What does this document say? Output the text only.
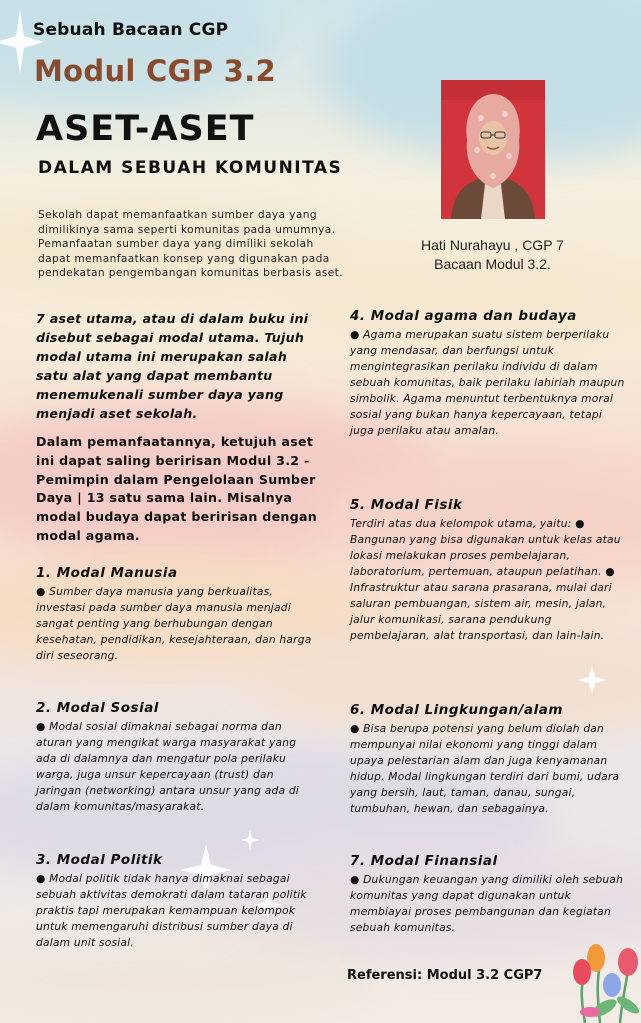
Sebuah Bacaan CGP
Modul CGP 3.2
ASET-ASET
DALAM SEBUAH KOMUNITAS
Sekolah dapat memanfaatkan sumber daya yang dimilikinya sama seperti komunitas pada umumnya. Pemanfaatan sumber daya yang dimiliki sekolah dapat memanfaatkan konsep yang digunakan pada pendekatan pengembangan komunitas berbasis aset.
Hati Nurahayu , CGP 7
Bacaan Modul 3.2.
7 aset utama, atau di dalam buku ini disebut sebagai modal utama. Tujuh modal utama ini merupakan salah satu alat yang dapat membantu menemukenali sumber daya yang menjadi aset sekolah.
Dalam pemanfaatannya, ketujuh aset ini dapat saling beririsan Modul 3.2 - Pemimpin dalam Pengelolaan Sumber Daya | 13 satu sama lain. Misalnya modal budaya dapat beririsan dengan modal agama.
1. Modal Manusia

● Sumber daya manusia yang berkualitas, investasi pada sumber daya manusia menjadi sangat penting yang berhubungan dengan kesehatan, pendidikan, kesejahteraan, dan harga diri seseorang.

2. Modal Sosial

● Modal sosial dimaknai sebagai norma dan aturan yang mengikat warga masyarakat yang ada di dalamnya dan mengatur pola perilaku warga, juga unsur kepercayaan (trust) dan jaringan (networking) antara unsur yang ada di dalam komunitas/masyarakat.

3. Modal Politik

● Modal politik tidak hanya dimaknai sebagai sebuah aktivitas demokrati dalam tataran politik praktis tapi merupakan kemampuan kelompok untuk memengaruhi distribusi sumber daya di dalam unit sosial.

4. Modal agama dan budaya

● Agama merupakan suatu sistem berperilaku yang mendasar, dan berfungsi untuk mengintegrasikan perilaku individu di dalam sebuah komunitas, baik perilaku lahiriah maupun simbolik. Agama menuntut terbentuknya moral sosial yang bukan hanya kepercayaan, tetapi juga perilaku atau amalan.

5. Modal Fisik

Terdiri atas dua kelompok utama, yaitu: ● Bangunan yang bisa digunakan untuk kelas atau lokasi melakukan proses pembelajaran, laboratorium, pertemuan, ataupun pelatihan. ● Infrastruktur atau sarana prasarana, mulai dari saluran pembuangan, sistem air, mesin, jalan, jalur komunikasi, sarana pendukung pembelajaran, alat transportasi, dan lain-lain.

6. Modal Lingkungan/alam

● Bisa berupa potensi yang belum diolah dan mempunyai nilai ekonomi yang tinggi dalam upaya pelestarian alam dan juga kenyamanan hidup. Modal lingkungan terdiri dari bumi, udara yang bersih, laut, taman, danau, sungai, tumbuhan, hewan, dan sebagainya.

7. Modal Finansial

● Dukungan keuangan yang dimiliki oleh sebuah komunitas yang dapat digunakan untuk membiayai proses pembangunan dan kegiatan sebuah komunitas.

Referensi: Modul 3.2 CGP7
